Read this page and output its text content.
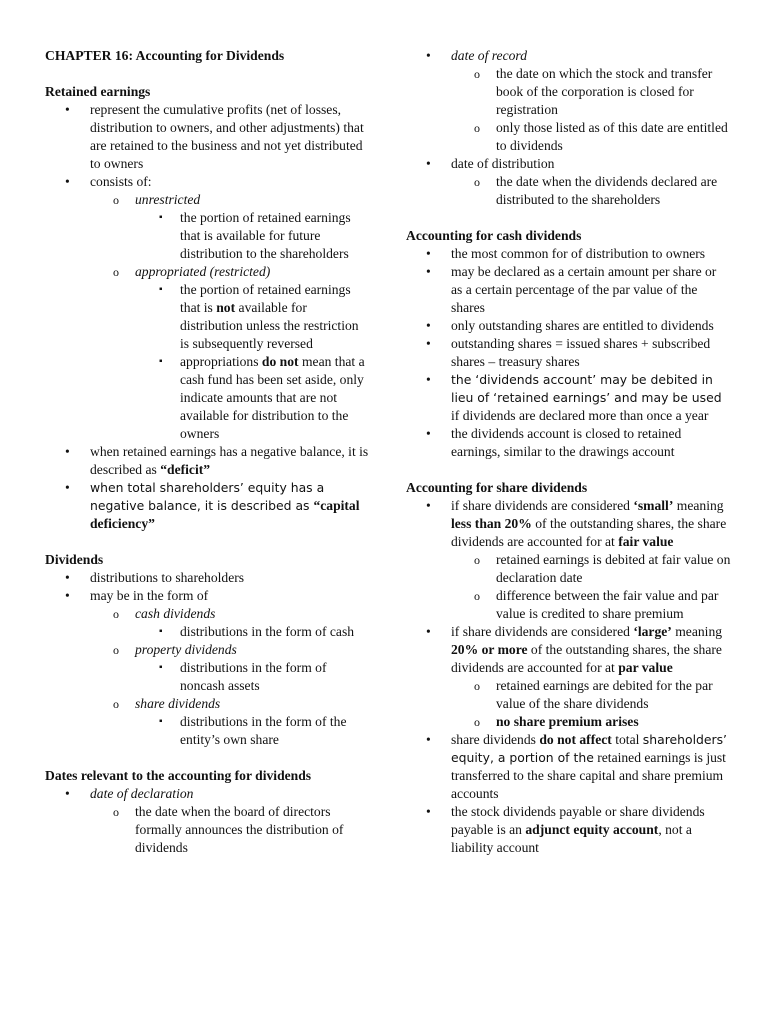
CHAPTER 16: Accounting for Dividends

Retained earnings

•
represent the cumulative profits (net of losses, distribution to owners, and other adjustments) that are retained to the business and not yet distributed to owners
•
consists of:
o
unrestricted
▪
the portion of retained earnings that is available for future distribution to the shareholders
o
appropriated (restricted)
▪
the portion of retained earnings that is not available for distribution unless the restriction is subsequently reversed
▪
appropriations do not mean that a cash fund has been set aside, only indicate amounts that are not available for distribution to the owners
•
when retained earnings has a negative balance, it is described as “deficit”
•
when total shareholders’ equity has a negative balance, it is described as “capital deficiency”

Dividends

•
distributions to shareholders
•
may be in the form of
o
cash dividends
▪
distributions in the form of cash
o
property dividends
▪
distributions in the form of noncash assets
o
share dividends
▪
distributions in the form of the entity’s own share

Dates relevant to the accounting for dividends

•
date of declaration
o
the date when the board of directors formally announces the distribution of dividends
•
date of record
o
the date on which the stock and transfer book of the corporation is closed for registration
o
only those listed as of this date are entitled to dividends
•
date of distribution
o
the date when the dividends declared are distributed to the shareholders

Accounting for cash dividends

•
the most common for of distribution to owners
•
may be declared as a certain amount per share or as a certain percentage of the par value of the shares
•
only outstanding shares are entitled to dividends
•
outstanding shares = issued shares + subscribed shares – treasury shares
•
the ‘dividends account’ may be debited in lieu of ‘retained earnings’ and may be used if dividends are declared more than once a year
•
the dividends account is closed to retained earnings, similar to the drawings account

Accounting for share dividends

•
if share dividends are considered ‘small’ meaning less than 20% of the outstanding shares, the share dividends are accounted for at fair value
o
retained earnings is debited at fair value on declaration date
o
difference between the fair value and par value is credited to share premium
•
if share dividends are considered ‘large’ meaning 20% or more of the outstanding shares, the share dividends are accounted for at par value
o
retained earnings are debited for the par value of the share dividends
o
no share premium arises
•
share dividends do not affect total shareholders’ equity, a portion of the retained earnings is just transferred to the share capital and share premium accounts
•
the stock dividends payable or share dividends payable is an adjunct equity account, not a liability account
